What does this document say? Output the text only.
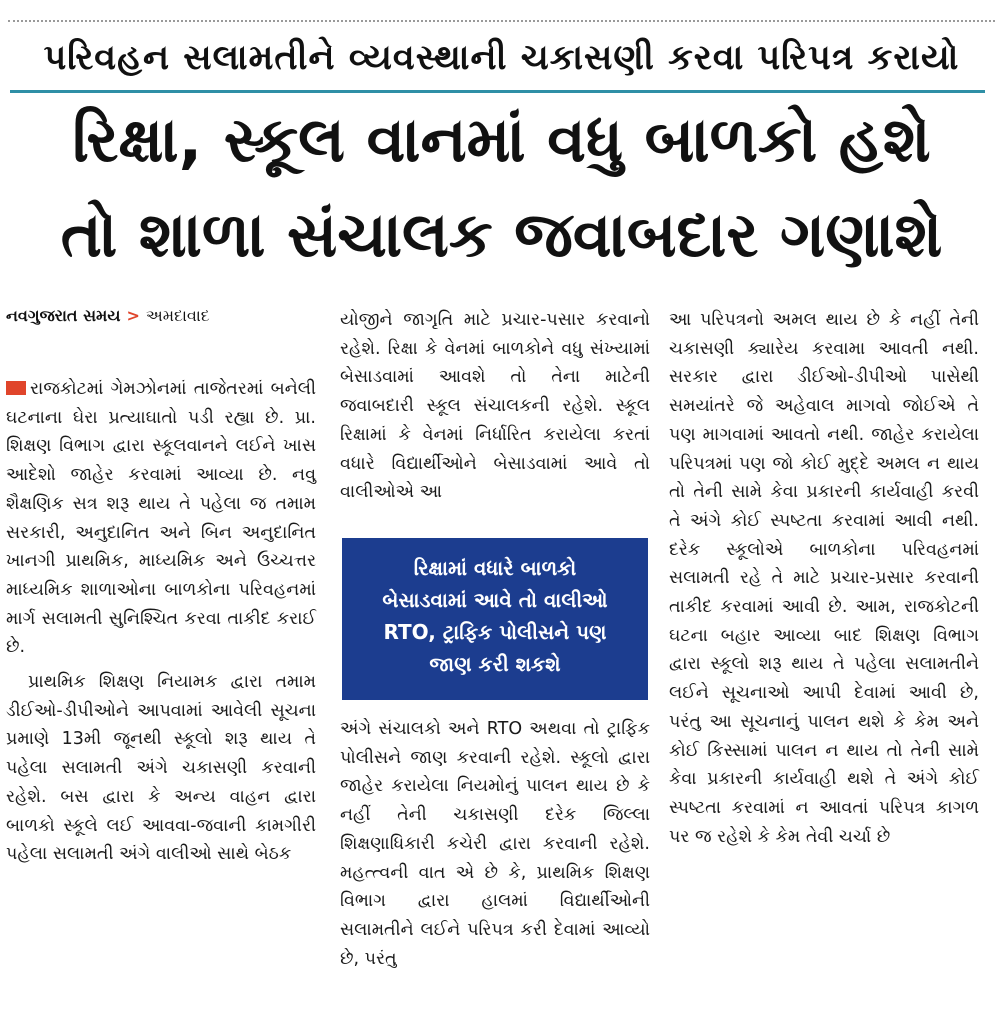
પરિવહન સલામતીને વ્યવસ્થાની ચકાસણી કરવા પરિપત્ર કરાયો
રિક્ષા, સ્કૂલ વાનમાં વધુ બાળકો હશે
તો શાળા સંચાલક જવાબદાર ગણાશે
નવગુજરાત સમય > અમદાવાદ

રાજકોટમાં ગેમઝોનમાં તાજેતરમાં બનેલી ઘટનાના ઘેરા પ્રત્યાઘાતો પડી રહ્યા છે. પ્રા. શિક્ષણ વિભાગ દ્વારા સ્કૂલવાનને લઈને ખાસ આદેશો જાહેર કરવામાં આવ્યા છે. નવુ શૈક્ષણિક સત્ર શરૂ થાય તે પહેલા જ તમામ સરકારી, અનુદાનિત અને બિન અનુદાનિત ખાનગી પ્રાથમિક, માધ્યમિક અને ઉચ્ચત્તર માધ્યમિક શાળાઓના બાળકોના પરિવહનમાં માર્ગ સલામતી સુનિશ્ચિત કરવા તાકીદ કરાઈ છે.

પ્રાથમિક શિક્ષણ નિયામક દ્વારા તમામ ડીઈઓ-ડીપીઓને આપવામાં આવેલી સૂચના પ્રમાણે 13મી જૂનથી સ્કૂલો શરૂ થાય તે પહેલા સલામતી અંગે ચકાસણી કરવાની રહેશે. બસ દ્વારા કે અન્ય વાહન દ્વારા બાળકો સ્કૂલે લઈ આવવા-જવાની કામગીરી પહેલા સલામતી અંગે વાલીઓ સાથે બેઠક

યોજીને જાગૃતિ માટે પ્રચાર-પસાર કરવાનો રહેશે. રિક્ષા કે વેનમાં બાળકોને વધુ સંખ્યામાં બેસાડવામાં આવશે તો તેના માટેની જવાબદારી સ્કૂલ સંચાલકની રહેશે. સ્કૂલ રિક્ષામાં કે વેનમાં નિર્ધારિત કરાયેલા કરતાં વધારે વિદ્યાર્થીઓને બેસાડવામાં આવે તો વાલીઓએ આ

રિક્ષામાં વધારે બાળકો
બેસાડવામાં આવે તો વાલીઓ
RTO, ટ્રાફિક પોલીસને પણ
જાણ કરી શકશે

અંગે સંચાલકો અને RTO અથવા તો ટ્રાફિક પોલીસને જાણ કરવાની રહેશે. સ્કૂલો દ્વારા જાહેર કરાયેલા નિયમોનું પાલન થાય છે કે નહીં તેની ચકાસણી દરેક જિલ્લા શિક્ષણાધિકારી કચેરી દ્વારા કરવાની રહેશે. મહત્ત્વની વાત એ છે કે, પ્રાથમિક શિક્ષણ વિભાગ દ્વારા હાલમાં વિદ્યાર્થીઓની સલામતીને લઈને પરિપત્ર કરી દેવામાં આવ્યો છે, પરંતુ

આ પરિપત્રનો અમલ થાય છે કે નહીં તેની ચકાસણી ક્યારેય કરવામા આવતી નથી. સરકાર દ્વારા ડીઈઓ-ડીપીઓ પાસેથી સમયાંતરે જે અહેવાલ માગવો જોઈએ તે પણ માગવામાં આવતો નથી. જાહેર કરાયેલા પરિપત્રમાં પણ જો કોઈ મુદ્દે અમલ ન થાય તો તેની સામે કેવા પ્રકારની કાર્યવાહી કરવી તે અંગે કોઈ સ્પષ્ટતા કરવામાં આવી નથી. દરેક સ્કૂલોએ બાળકોના પરિવહનમાં સલામતી રહે તે માટે પ્રચાર-પ્રસાર કરવાની તાકીદ કરવામાં આવી છે. આમ, રાજકોટની ઘટના બહાર આવ્યા બાદ શિક્ષણ વિભાગ દ્વારા સ્કૂલો શરૂ થાય તે પહેલા સલામતીને લઈને સૂચનાઓ આપી દેવામાં આવી છે, પરંતુ આ સૂચનાનું પાલન થશે કે કેમ અને કોઈ કિસ્સામાં પાલન ન થાય તો તેની સામે કેવા પ્રકારની કાર્યવાહી થશે તે અંગે કોઈ સ્પષ્ટતા કરવામાં ન આવતાં પરિપત્ર કાગળ પર જ રહેશે કે કેમ તેવી ચર્ચા છે
